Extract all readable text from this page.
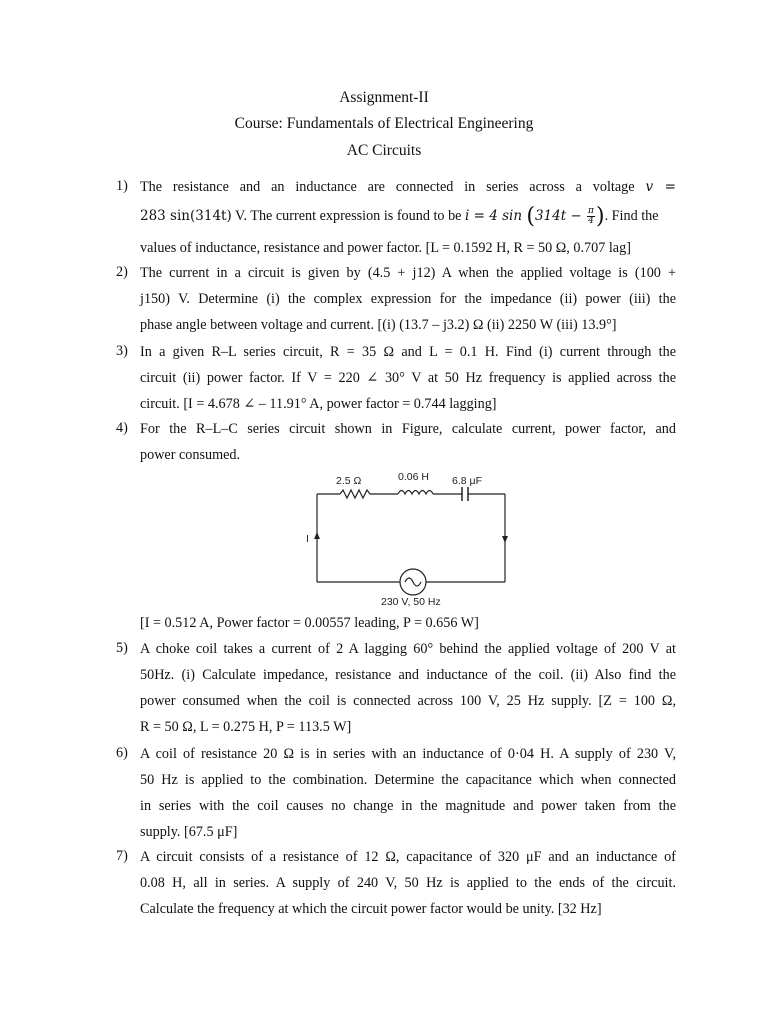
Assignment-II
Course: Fundamentals of Electrical Engineering
AC Circuits
1) The resistance and an inductance are connected in series across a voltage v =
283 sin(314t) V. The current expression is found to be i = 4 $\sin (314t - \frac{\pi}{4}$ ). Find the
values of inductance, resistance and power factor. [L = 0.1592 H, R = 50 Ω, 0.707 lag]
2) The current in a circuit is given by (4.5 + j12) A when the applied voltage is (100 +
j150) V. Determine (i) the complex expression for the impedance (ii) power (iii) the
phase angle between voltage and current. [(i) (13.7 – j3.2) Ω (ii) 2250 W (iii) 13.9°]
3) In a given R–L series circuit, R = 35 Ω and L = 0.1 H. Find (i) current through the
circuit (ii) power factor. If V = 220 ∠ 30° V at 50 Hz frequency is applied across the
circuit. [I = 4.678 ∠ – 11.91° A, power factor = 0.744 lagging]
4) For the R–L–C series circuit shown in Figure, calculate current, power factor, and
power consumed.
2.5 Ω	0.06 H 6.8 μF
I
230 V, 50 Hz
[I = 0.512 A, Power factor = 0.00557 leading, P = 0.656 W]
5) A choke coil takes a current of 2 A lagging 60° behind the applied voltage of 200 V at
50Hz. (i) Calculate impedance, resistance and inductance of the coil. (ii) Also find the
power consumed when the coil is connected across 100 V, 25 Hz supply. [Z = 100 Ω,
R = 50 Ω, L = 0.275 H, P = 113.5 W]
6) A coil of resistance 20 Ω is in series with an inductance of 0·04 H. A supply of 230 V,
50 Hz is applied to the combination. Determine the capacitance which when connected
in series with the coil causes no change in the magnitude and power taken from the
supply. [67.5 μF]
7) A circuit consists of a resistance of 12 Ω, capacitance of 320 μF and an inductance of
0.08 H, all in series. A supply of 240 V, 50 Hz is applied to the ends of the circuit.
Calculate the frequency at which the circuit power factor would be unity. [32 Hz]
